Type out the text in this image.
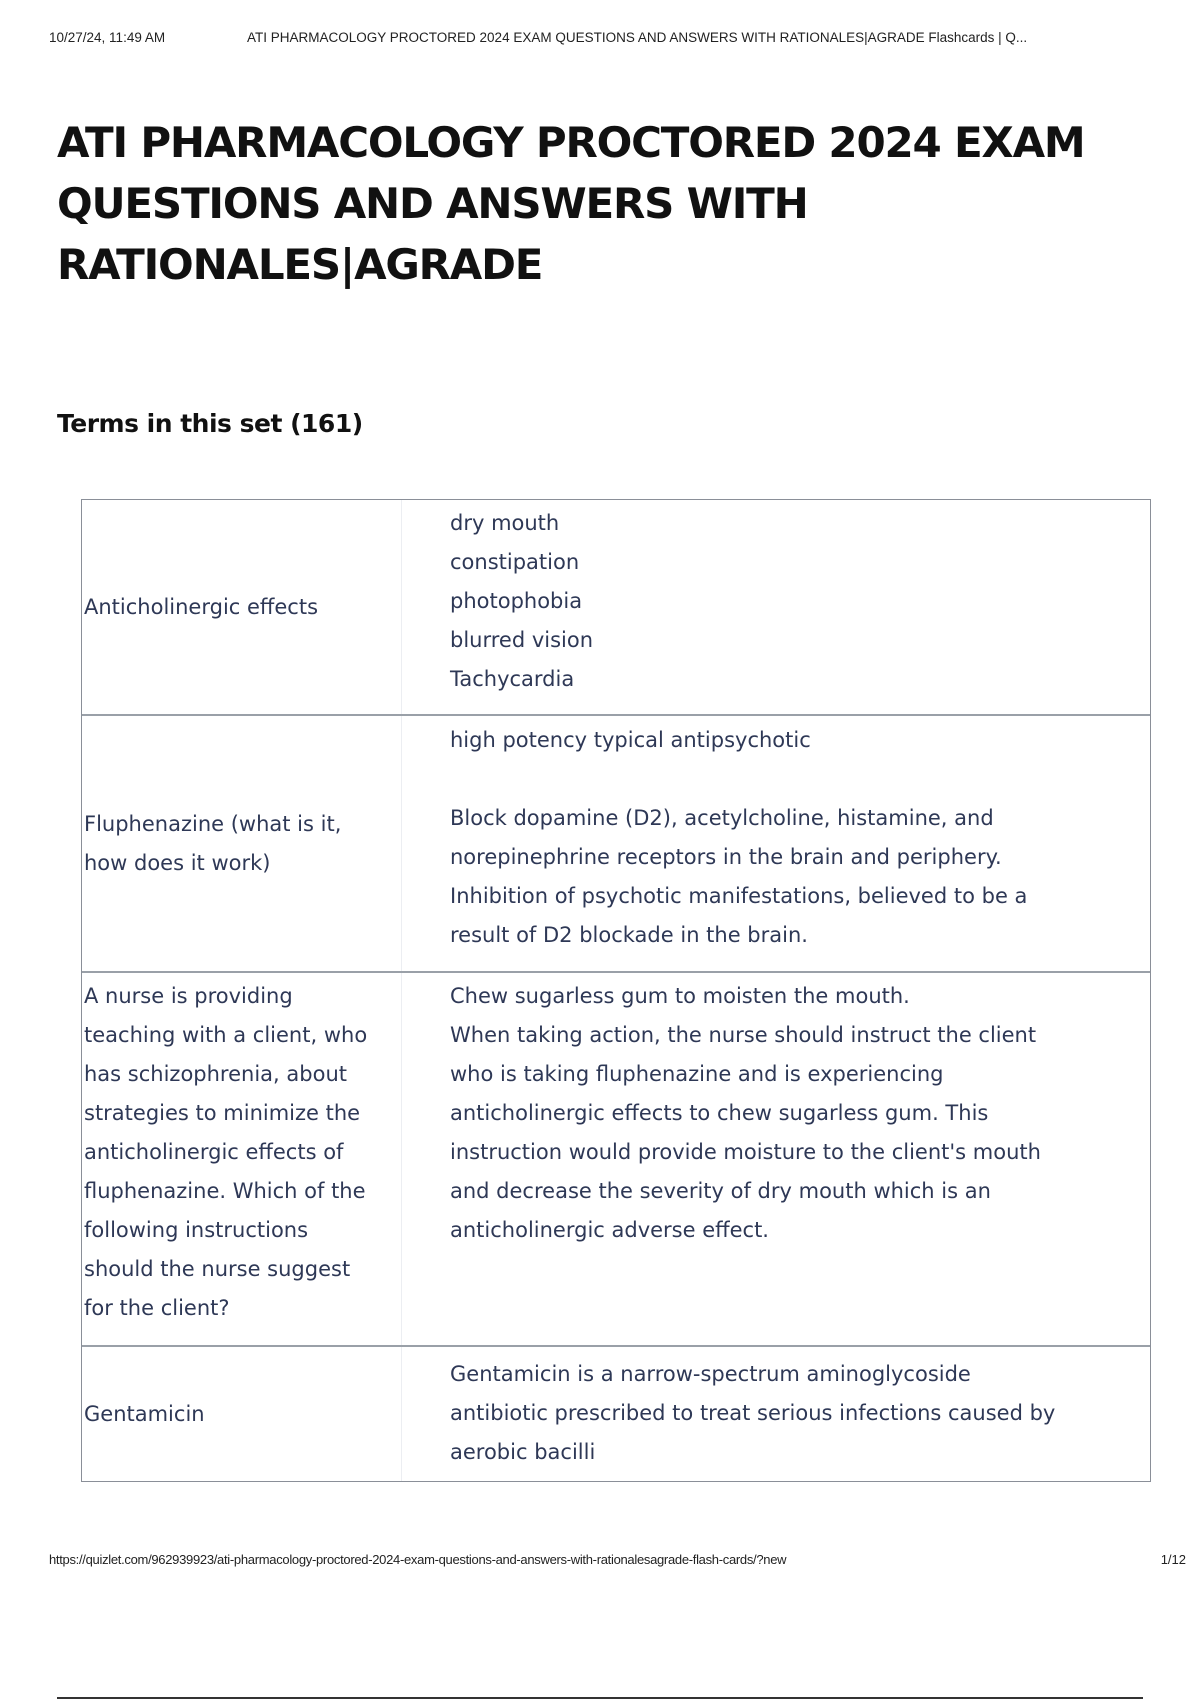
10/27/24, 11:49 AM	ATI PHARMACOLOGY PROCTORED 2024 EXAM QUESTIONS AND ANSWERS WITH RATIONALES|AGRADE Flashcards | Q...
ATI PHARMACOLOGY PROCTORED 2024 EXAM QUESTIONS AND ANSWERS WITH RATIONALES|AGRADE
Terms in this set (161)
Anticholinergic effects
dry mouth
constipation
photophobia
blurred vision
Tachycardia
Fluphenazine (what is it, how does it work)
high potency typical antipsychotic
Block dopamine (D2), acetylcholine, histamine, and norepinephrine receptors in the brain and periphery. Inhibition of psychotic manifestations, believed to be a result of D2 blockade in the brain.
A nurse is providing teaching with a client, who has schizophrenia, about strategies to minimize the anticholinergic effects of fluphenazine. Which of the following instructions should the nurse suggest for the client?
Chew sugarless gum to moisten the mouth.
When taking action, the nurse should instruct the client who is taking fluphenazine and is experiencing anticholinergic effects to chew sugarless gum. This instruction would provide moisture to the client's mouth and decrease the severity of dry mouth which is an anticholinergic adverse effect.
Gentamicin
Gentamicin is a narrow-spectrum aminoglycoside antibiotic prescribed to treat serious infections caused by aerobic bacilli
https://quizlet.com/962939923/ati-pharmacology-proctored-2024-exam-questions-and-answers-with-rationalesagrade-flash-cards/?new	1/12
